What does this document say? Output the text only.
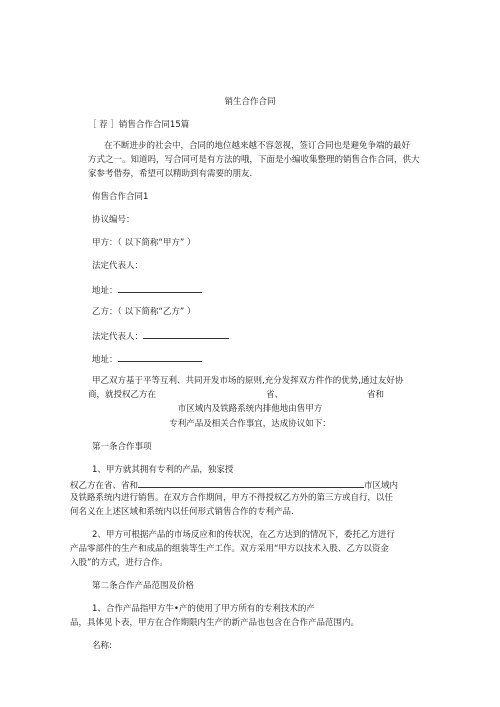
销生合作合同
［ 荐 ］销售合作合同15篇
在不断进步的社会中，合同的地位越来越不容忽视，签订合同也是避免争端的最好
方式之一。知道吗，写合同可是有方法的哦，下面是小编收集整理的销售合作合同，供大
家参考借券，希望可以精助到有需要的朋友.
侑售合作合同1
协议编号：
甲方：（ 以下简称“甲方” ）
法定代表人：
地址：
乙方：（ 以下简称“乙方” ）
法定代表人：
地址：
甲乙双方基于平等互利、共同开发市场的原则,充分发挥双方件作的优势,通过友好协
商，就授权乙方在	省、	省和
市区域内及铁路系统内排他地由售甲方
专利产品及相关合作事宜，达成协议如下：
第一条合作事项
1、甲方就其拥有专利的产品，独家授
权乙方在省、省和	市区域内
及铁路系统内进行销售。在双方合作期间，甲方不得授权乙方外的第三方或自行，以任
何名义在上述区域和系统内以任何形式销售合作的专利产品.
2、甲方可根据产品的市场反应和的传状况，在乙方达到的情况下，委托乙方进行
产品零部件的生产和成品的组装等生产工作。双方采用“甲方以技术入股、乙方以资金
入股”的方式，进行合作。
第二条合作产品范围及价格
1、合作产品指甲方牛•产的使用了甲方所有的专利技术的产
品，具体见卜表，甲方在合作期限内生产的新产品也包含在合作产品范围内。
名称:
